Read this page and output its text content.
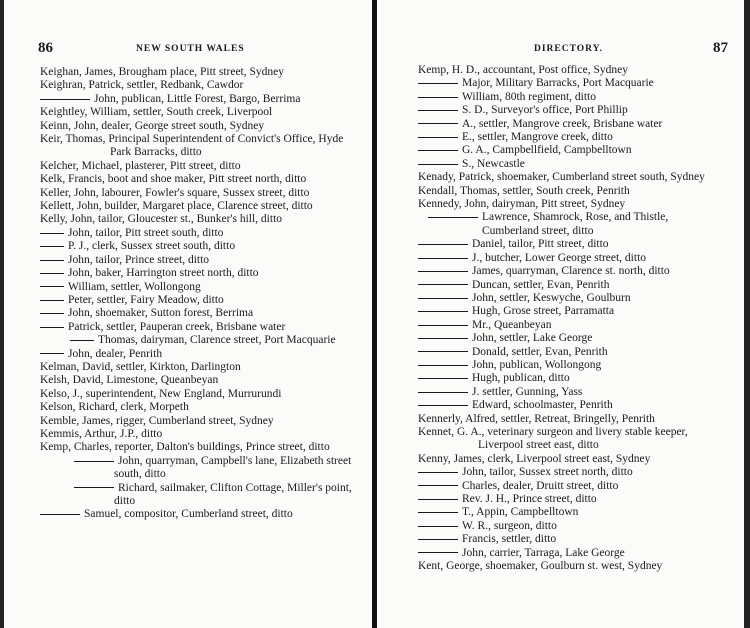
86	NEW SOUTH WALES
Keighan, James, Brougham place, Pitt street, Sydney
Keighran, Patrick, settler, Redbank, Cawdor
John, publican, Little Forest, Bargo, Berrima
Keightley, William, settler, South creek, Liverpool
Keinn, John, dealer, George street south, Sydney
Keir, Thomas, Principal Superintendent of Convict's Office, Hyde Park Barracks, ditto
Kelcher, Michael, plasterer, Pitt street, ditto
Kelk, Francis, boot and shoe maker, Pitt street north, ditto
Keller, John, labourer, Fowler's square, Sussex street, ditto
Kellett, John, builder, Margaret place, Clarence street, ditto
Kelly, John, tailor, Gloucester st., Bunker's hill, ditto
John, tailor, Pitt street south, ditto
P. J., clerk, Sussex street south, ditto
John, tailor, Prince street, ditto
John, baker, Harrington street north, ditto
William, settler, Wollongong
Peter, settler, Fairy Meadow, ditto
John, shoemaker, Sutton forest, Berrima
Patrick, settler, Pauperan creek, Brisbane water
Thomas, dairyman, Clarence street, Port Macquarie
John, dealer, Penrith
Kelman, David, settler, Kirkton, Darlington
Kelsh, David, Limestone, Queanbeyan
Kelso, J., superintendent, New England, Murrurundi
Kelson, Richard, clerk, Morpeth
Kemble, James, rigger, Cumberland street, Sydney
Kemmis, Arthur, J.P., ditto
Kemp, Charles, reporter, Dalton's buildings, Prince street, ditto
John, quarryman, Campbell's lane, Elizabeth street south, ditto
Richard, sailmaker, Clifton Cottage, Miller's point, ditto
Samuel, compositor, Cumberland street, ditto
DIRECTORY.	87
Kemp, H. D., accountant, Post office, Sydney
Major, Military Barracks, Port Macquarie
William, 80th regiment, ditto
S. D., Surveyor's office, Port Phillip
A., settler, Mangrove creek, Brisbane water
E., settler, Mangrove creek, ditto
G. A., Campbellfield, Campbelltown
S., Newcastle
Kenady, Patrick, shoemaker, Cumberland street south, Sydney
Kendall, Thomas, settler, South creek, Penrith
Kennedy, John, dairyman, Pitt street, Sydney
Lawrence, Shamrock, Rose, and Thistle, Cumberland street, ditto
Daniel, tailor, Pitt street, ditto
J., butcher, Lower George street, ditto
James, quarryman, Clarence st. north, ditto
Duncan, settler, Evan, Penrith
John, settler, Keswyche, Goulburn
Hugh, Grose street, Parramatta
Mr., Queanbeyan
John, settler, Lake George
Donald, settler, Evan, Penrith
John, publican, Wollongong
Hugh, publican, ditto
J. settler, Gunning, Yass
Edward, schoolmaster, Penrith
Kennerly, Alfred, settler, Retreat, Bringelly, Penrith
Kennet, G. A., veterinary surgeon and livery stable keeper, Liverpool street east, ditto
Kenny, James, clerk, Liverpool street east, Sydney
John, tailor, Sussex street north, ditto
Charles, dealer, Druitt street, ditto
Rev. J. H., Prince street, ditto
T., Appin, Campbelltown
W. R., surgeon, ditto
Francis, settler, ditto
John, carrier, Tarraga, Lake George
Kent, George, shoemaker, Goulburn st. west, Sydney
